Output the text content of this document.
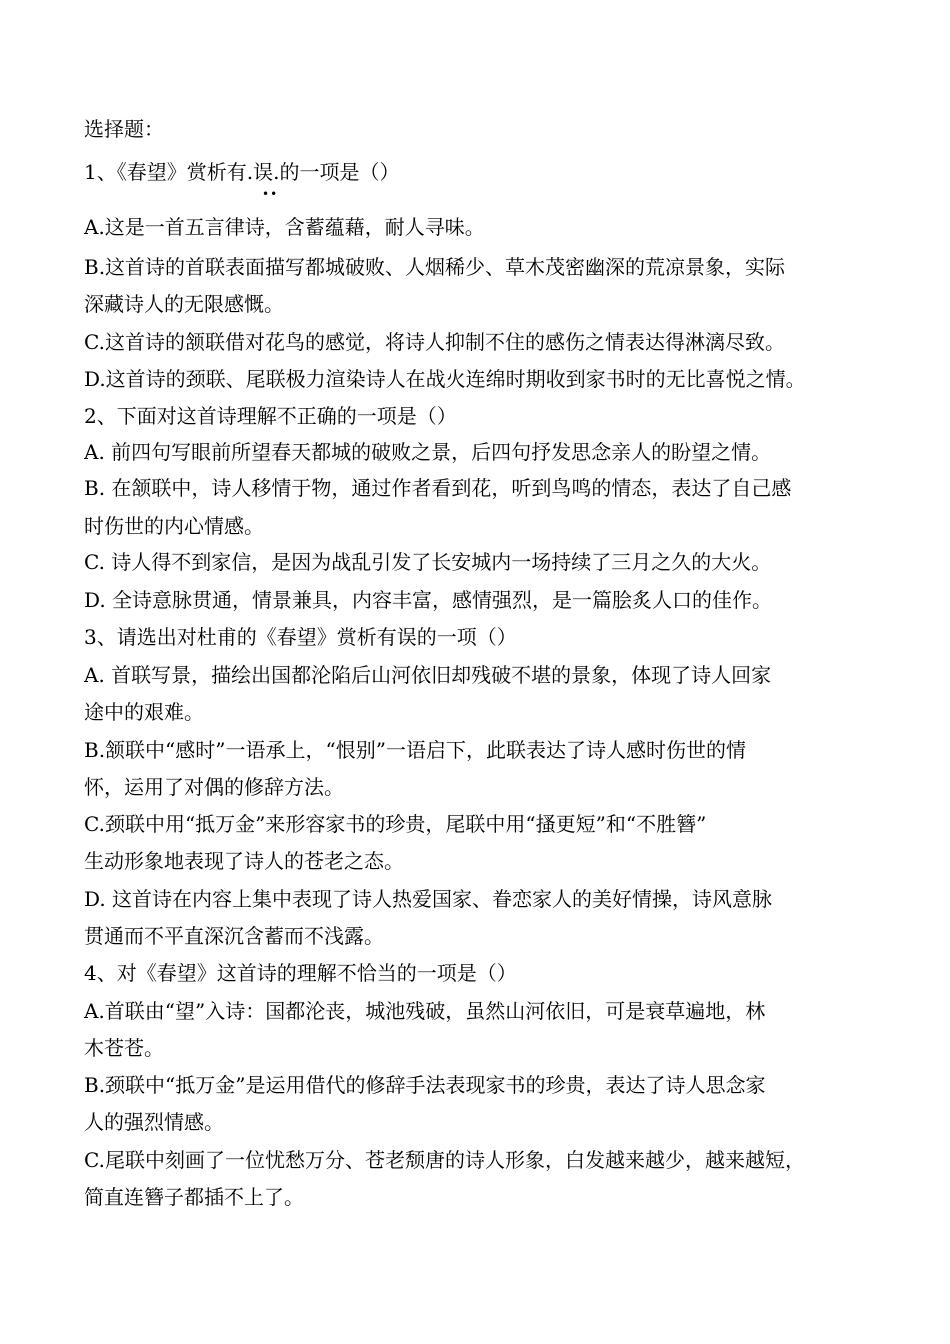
选择题：
1、《春望》赏析有.误.的一项是（）
••
A.这是一首五言律诗，含蓄蕴藉，耐人寻味。
B.这首诗的首联表面描写都城破败、人烟稀少、草木茂密幽深的荒凉景象，实际
深藏诗人的无限感慨。
C.这首诗的颔联借对花鸟的感觉，将诗人抑制不住的感伤之情表达得淋漓尽致。
D.这首诗的颈联、尾联极力渲染诗人在战火连绵时期收到家书时的无比喜悦之情。
2、下面对这首诗理解不正确的一项是（）
A. 前四句写眼前所望春天都城的破败之景，后四句抒发思念亲人的盼望之情。
B. 在颔联中，诗人移情于物，通过作者看到花，听到鸟鸣的情态，表达了自己感
时伤世的内心情感。
C. 诗人得不到家信，是因为战乱引发了长安城内一场持续了三月之久的大火。
D. 全诗意脉贯通，情景兼具，内容丰富，感情强烈，是一篇脍炙人口的佳作。
3、请选出对杜甫的《春望》赏析有误的一项（）
A. 首联写景，描绘出国都沦陷后山河依旧却残破不堪的景象，体现了诗人回家
途中的艰难。
B.颔联中“感时”一语承上，“恨别”一语启下，此联表达了诗人感时伤世的情
怀，运用了对偶的修辞方法。
C.颈联中用“抵万金”来形容家书的珍贵，尾联中用“搔更短”和“不胜簪”
生动形象地表现了诗人的苍老之态。
D. 这首诗在内容上集中表现了诗人热爱国家、眷恋家人的美好情操，诗风意脉
贯通而不平直深沉含蓄而不浅露。
4、对《春望》这首诗的理解不恰当的一项是（）
A.首联由“望”入诗：国都沦丧，城池残破，虽然山河依旧，可是衰草遍地，林
木苍苍。
B.颈联中“抵万金”是运用借代的修辞手法表现家书的珍贵，表达了诗人思念家
人的强烈情感。
C.尾联中刻画了一位忧愁万分、苍老颓唐的诗人形象，白发越来越少，越来越短，
简直连簪子都插不上了。
